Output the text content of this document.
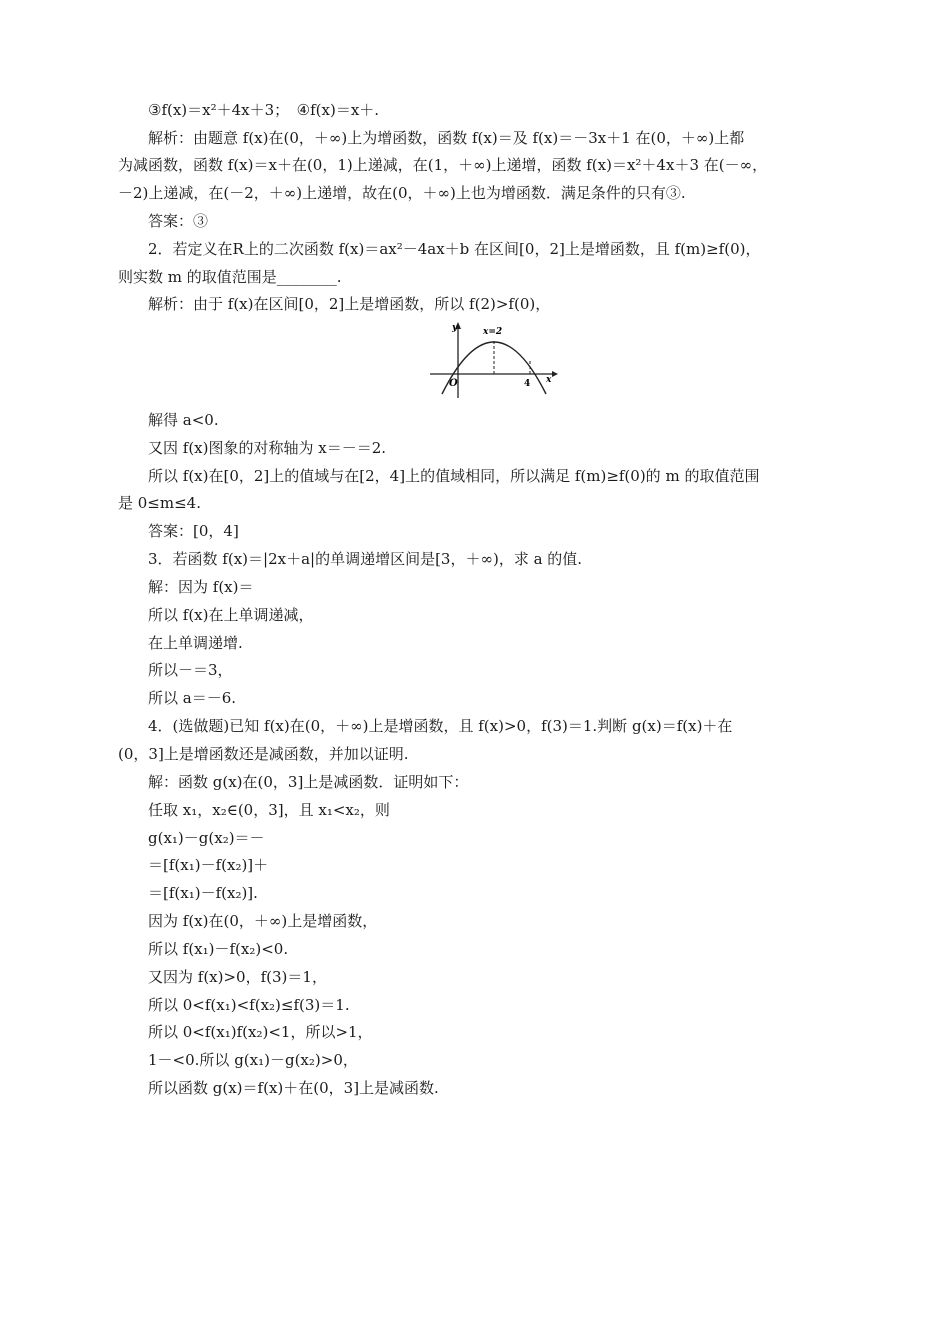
③f(x)＝x²＋4x＋3；　④f(x)＝x＋.
解析：由题意 f(x)在(0，＋∞)上为增函数，函数 f(x)＝及 f(x)＝－3x＋1 在(0，＋∞)上都
为减函数，函数 f(x)＝x＋在(0，1)上递减，在(1，＋∞)上递增，函数 f(x)＝x²＋4x＋3 在(－∞，
－2)上递减，在(－2，＋∞)上递增，故在(0，＋∞)上也为增函数．满足条件的只有③.
答案：③
2．若定义在R上的二次函数 f(x)＝ax²－4ax＋b 在区间[0，2]上是增函数，且 f(m)≥f(0)，
则实数 m 的取值范围是________.
解析：由于 f(x)在区间[0，2]上是增函数，所以 f(2)>f(0)，
y	x=2
O	4 x
解得 a<0.
又因 f(x)图象的对称轴为 x＝－＝2.
所以 f(x)在[0，2]上的值域与在[2，4]上的值域相同，所以满足 f(m)≥f(0)的 m 的取值范围
是 0≤m≤4.
答案：[0，4]
3．若函数 f(x)＝|2x＋a|的单调递增区间是[3，＋∞)，求 a 的值.
解：因为 f(x)＝
所以 f(x)在上单调递减，
在上单调递增.
所以－＝3，
所以 a＝－6.
4．(选做题)已知 f(x)在(0，＋∞)上是增函数，且 f(x)>0，f(3)＝1.判断 g(x)＝f(x)＋在
(0，3]上是增函数还是减函数，并加以证明.
解：函数 g(x)在(0，3]上是减函数．证明如下：
任取 x₁，x₂∈(0，3]，且 x₁<x₂，则
g(x₁)－g(x₂)＝－
＝[f(x₁)－f(x₂)]＋
＝[f(x₁)－f(x₂)].
因为 f(x)在(0，＋∞)上是增函数，
所以 f(x₁)－f(x₂)<0.
又因为 f(x)>0，f(3)＝1，
所以 0<f(x₁)<f(x₂)≤f(3)＝1.
所以 0<f(x₁)f(x₂)<1，所以>1，
1－<0.所以 g(x₁)－g(x₂)>0，
所以函数 g(x)＝f(x)＋在(0，3]上是减函数.
